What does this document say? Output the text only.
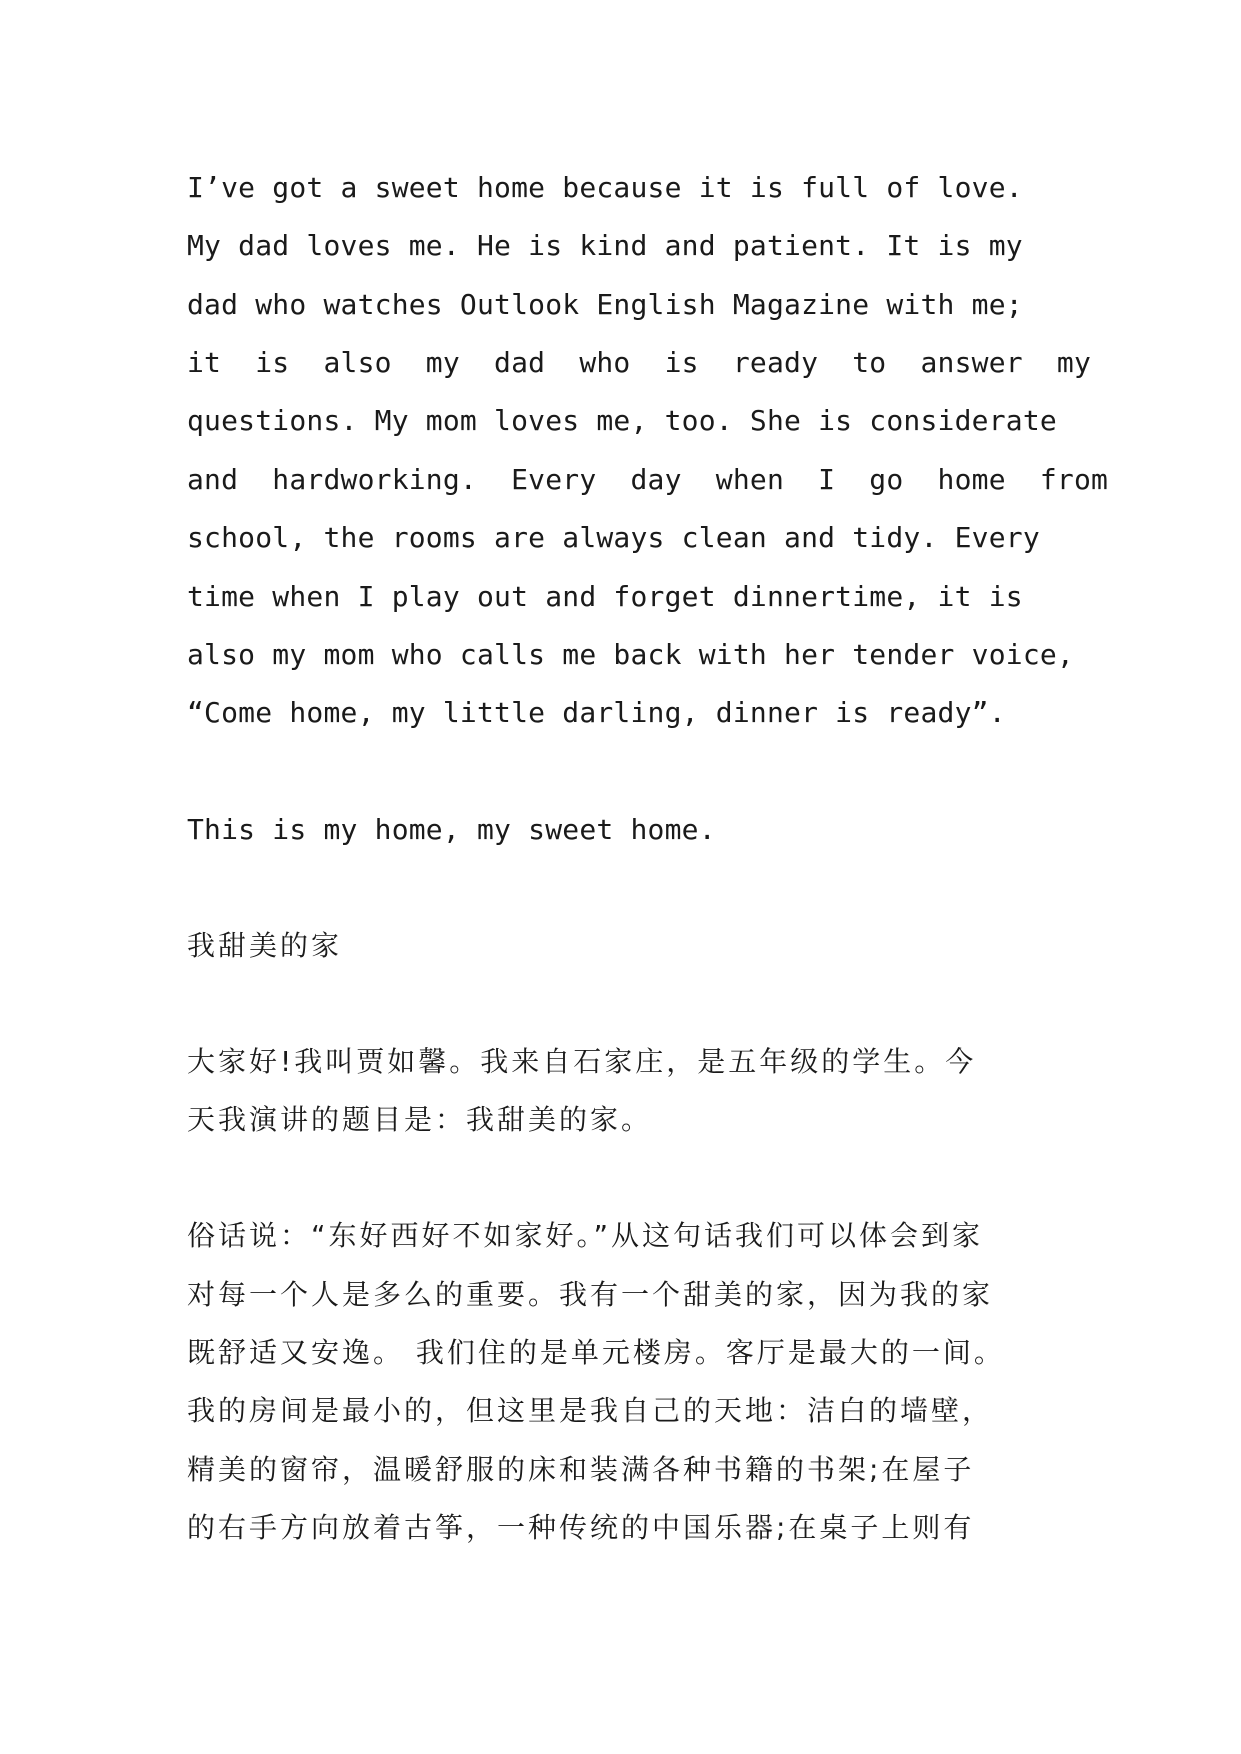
I’ve got a sweet home because it is full of love.

My dad loves me. He is kind and patient. It is my

dad who watches Outlook English Magazine with me;

it  is  also  my  dad  who  is  ready  to  answer  my

questions. My mom loves me, too. She is considerate

and  hardworking.  Every  day  when  I  go  home  from

school, the rooms are always clean and tidy. Every

time when I play out and forget dinnertime, it is

also my mom who calls me back with her tender voice,

“Come home, my little darling, dinner is ready”.

This is my home, my sweet home.

我甜美的家

大家好!我叫贾如馨。我来自石家庄，是五年级的学生。今

天我演讲的题目是：我甜美的家。

俗话说：“东好西好不如家好。”从这句话我们可以体会到家

对每一个人是多么的重要。我有一个甜美的家，因为我的家

既舒适又安逸。 我们住的是单元楼房。客厅是最大的一间。

我的房间是最小的，但这里是我自己的天地：洁白的墙壁，

精美的窗帘，温暖舒服的床和装满各种书籍的书架;在屋子

的右手方向放着古筝，一种传统的中国乐器;在桌子上则有
